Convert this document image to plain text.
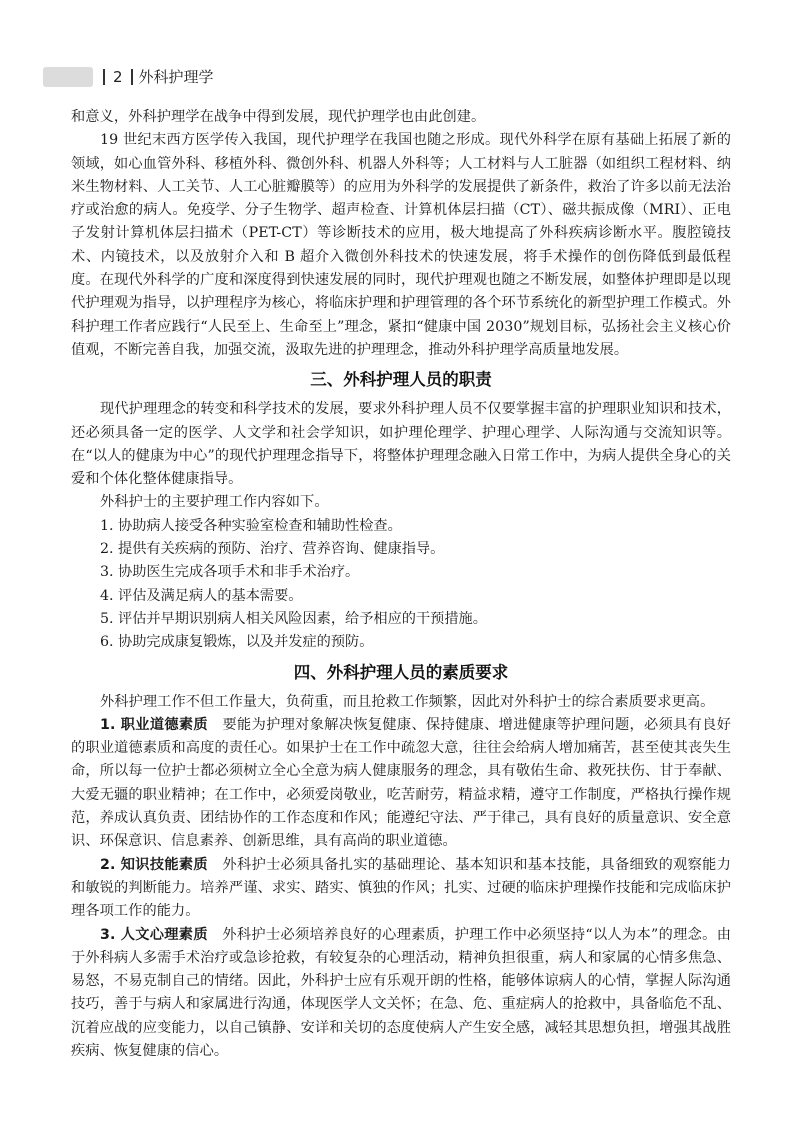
2 外科护理学

和意义，外科护理学在战争中得到发展，现代护理学也由此创建。

19 世纪末西方医学传入我国，现代护理学在我国也随之形成。现代外科学在原有基础上拓展了新的领域，如心血管外科、移植外科、微创外科、机器人外科等；人工材料与人工脏器（如组织工程材料、纳米生物材料、人工关节、人工心脏瓣膜等）的应用为外科学的发展提供了新条件，救治了许多以前无法治疗或治愈的病人。免疫学、分子生物学、超声检查、计算机体层扫描（CT）、磁共振成像（MRI）、正电子发射计算机体层扫描术（PET-CT）等诊断技术的应用，极大地提高了外科疾病诊断水平。腹腔镜技术、内镜技术，以及放射介入和 B 超介入微创外科技术的快速发展，将手术操作的创伤降低到最低程度。在现代外科学的广度和深度得到快速发展的同时，现代护理观也随之不断发展，如整体护理即是以现代护理观为指导，以护理程序为核心，将临床护理和护理管理的各个环节系统化的新型护理工作模式。外科护理工作者应践行“人民至上、生命至上”理念，紧扣“健康中国 2030”规划目标，弘扬社会主义核心价值观，不断完善自我，加强交流，汲取先进的护理理念，推动外科护理学高质量地发展。

三、外科护理人员的职责

现代护理理念的转变和科学技术的发展，要求外科护理人员不仅要掌握丰富的护理职业知识和技术，还必须具备一定的医学、人文学和社会学知识，如护理伦理学、护理心理学、人际沟通与交流知识等。在“以人的健康为中心”的现代护理理念指导下，将整体护理理念融入日常工作中，为病人提供全身心的关爱和个体化整体健康指导。

外科护士的主要护理工作内容如下。

1. 协助病人接受各种实验室检查和辅助性检查。

2. 提供有关疾病的预防、治疗、营养咨询、健康指导。

3. 协助医生完成各项手术和非手术治疗。

4. 评估及满足病人的基本需要。

5. 评估并早期识别病人相关风险因素，给予相应的干预措施。

6. 协助完成康复锻炼，以及并发症的预防。

四、外科护理人员的素质要求

外科护理工作不但工作量大，负荷重，而且抢救工作频繁，因此对外科护士的综合素质要求更高。

1. 职业道德素质　要能为护理对象解决恢复健康、保持健康、增进健康等护理问题，必须具有良好的职业道德素质和高度的责任心。如果护士在工作中疏忽大意，往往会给病人增加痛苦，甚至使其丧失生命，所以每一位护士都必须树立全心全意为病人健康服务的理念，具有敬佑生命、救死扶伤、甘于奉献、大爱无疆的职业精神；在工作中，必须爱岗敬业，吃苦耐劳，精益求精，遵守工作制度，严格执行操作规范，养成认真负责、团结协作的工作态度和作风；能遵纪守法、严于律己，具有良好的质量意识、安全意识、环保意识、信息素养、创新思维，具有高尚的职业道德。

2. 知识技能素质　外科护士必须具备扎实的基础理论、基本知识和基本技能，具备细致的观察能力和敏锐的判断能力。培养严谨、求实、踏实、慎独的作风；扎实、过硬的临床护理操作技能和完成临床护理各项工作的能力。

3. 人文心理素质　外科护士必须培养良好的心理素质，护理工作中必须坚持“以人为本”的理念。由于外科病人多需手术治疗或急诊抢救，有较复杂的心理活动，精神负担很重，病人和家属的心情多焦急、易怒，不易克制自己的情绪。因此，外科护士应有乐观开朗的性格，能够体谅病人的心情，掌握人际沟通技巧，善于与病人和家属进行沟通，体现医学人文关怀；在急、危、重症病人的抢救中，具备临危不乱、沉着应战的应变能力，以自己镇静、安详和关切的态度使病人产生安全感，减轻其思想负担，增强其战胜疾病、恢复健康的信心。
